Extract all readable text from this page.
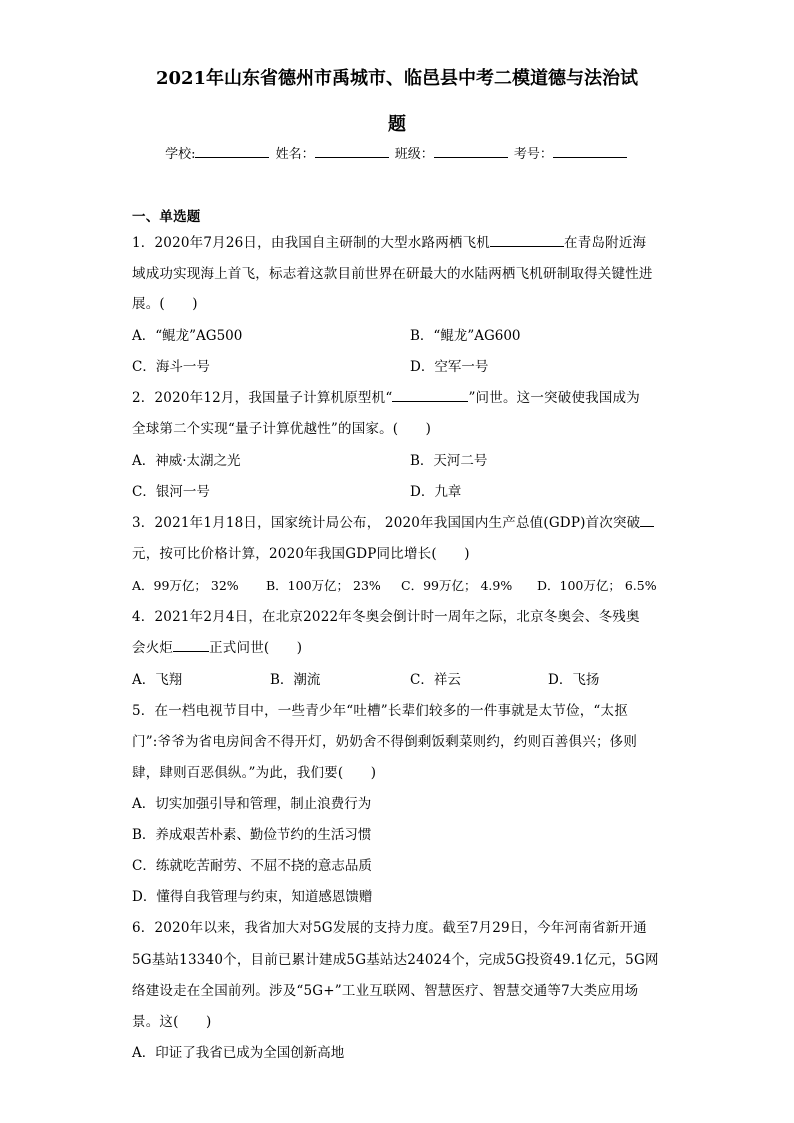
2021年山东省德州市禹城市、临邑县中考二模道德与法治试
题
学校:	姓名：	班级：	考号：
一、单选题
1．2020年7月26日，由我国自主研制的大型水路两栖飞机	在青岛附近海
域成功实现海上首飞，标志着这款目前世界在研最大的水陆两栖飞机研制取得关键性进
展。(　　)
A．“鲲龙”AG500	B．“鲲龙”AG600
C．海斗一号	D．空军一号
2．2020年12月，我国量子计算机原型机“	”问世。这一突破使我国成为
全球第二个实现“量子计算优越性”的国家。(　　)
A．神威·太湖之光	B．天河二号
C．银河一号	D．九章
3．2021年1月18日，国家统计局公布， 2020年我国国内生产总值(GDP)首次突破
元，按可比价格计算，2020年我国GDP同比增长(　　)
A．99万亿； 32% B．100万亿； 23% C．99万亿； 4.9% D．100万亿； 6.5%
4．2021年2月4日，在北京2022年冬奥会倒计时一周年之际，北京冬奥会、冬残奥
会火炬	正式问世(　　)
A．飞翔	B．潮流	C．祥云	D．飞扬
5．在一档电视节目中，一些青少年“吐槽”长辈们较多的一件事就是太节俭，“太抠
门”:爷爷为省电房间舍不得开灯，奶奶舍不得倒剩饭剩菜则约，约则百善俱兴；侈则
肆，肆则百恶俱纵。”为此，我们要(　　)
A．切实加强引导和管理，制止浪费行为
B．养成艰苦朴素、勤俭节约的生活习惯
C．练就吃苦耐劳、不屈不挠的意志品质
D．懂得自我管理与约束，知道感恩馈赠
6．2020年以来，我省加大对5G发展的支持力度。截至7月29日，今年河南省新开通
5G基站13340个，目前已累计建成5G基站达24024个，完成5G投资49.1亿元，5G网
络建设走在全国前列。涉及“5G+”工业互联网、智慧医疗、智慧交通等7大类应用场
景。这(　　)
A．印证了我省已成为全国创新高地
